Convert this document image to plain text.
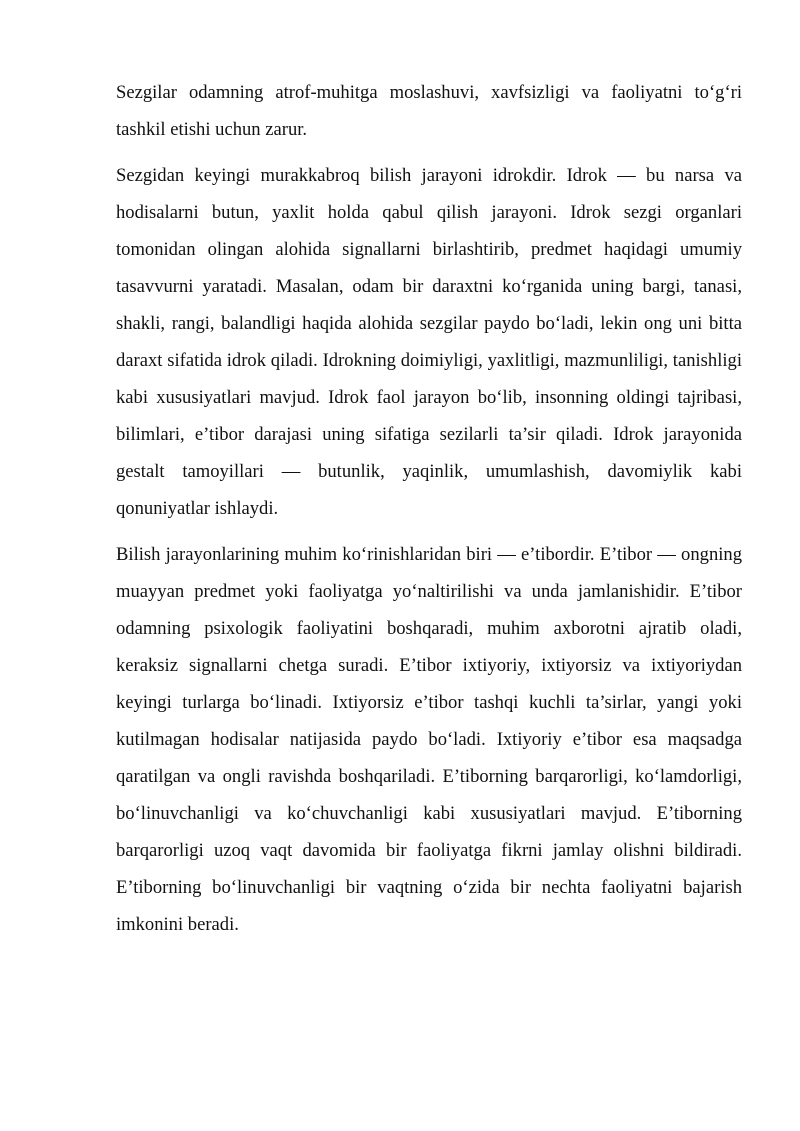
Sezgilar odamning atrof-muhitga moslashuvi, xavfsizligi va faoliyatni toʻgʻri tashkil etishi uchun zarur.

Sezgidan keyingi murakkabroq bilish jarayoni idrokdir. Idrok — bu narsa va hodisalarni butun, yaxlit holda qabul qilish jarayoni. Idrok sezgi organlari tomonidan olingan alohida signallarni birlashtirib, predmet haqidagi umumiy tasavvurni yaratadi. Masalan, odam bir daraxtni koʻrganida uning bargi, tanasi, shakli, rangi, balandligi haqida alohida sezgilar paydo boʻladi, lekin ong uni bitta daraxt sifatida idrok qiladi. Idrokning doimiyligi, yaxlitligi, mazmunliligi, tanishligi kabi xususiyatlari mavjud. Idrok faol jarayon boʻlib, insonning oldingi tajribasi, bilimlari, e’tibor darajasi uning sifatiga sezilarli ta’sir qiladi. Idrok jarayonida gestalt tamoyillari — butunlik, yaqinlik, umumlashish, davomiylik kabi qonuniyatlar ishlaydi.

Bilish jarayonlarining muhim koʻrinishlaridan biri — e’tibordir. E’tibor — ongning muayyan predmet yoki faoliyatga yoʻnaltirilishi va unda jamlanishidir. E’tibor odamning psixologik faoliyatini boshqaradi, muhim axborotni ajratib oladi, keraksiz signallarni chetga suradi. E’tibor ixtiyoriy, ixtiyorsiz va ixtiyoriydan keyingi turlarga boʻlinadi. Ixtiyorsiz e’tibor tashqi kuchli ta’sirlar, yangi yoki kutilmagan hodisalar natijasida paydo boʻladi. Ixtiyoriy e’tibor esa maqsadga qaratilgan va ongli ravishda boshqariladi. E’tiborning barqarorligi, koʻlamdorligi, boʻlinuvchanligi va koʻchuvchanligi kabi xususiyatlari mavjud. E’tiborning barqarorligi uzoq vaqt davomida bir faoliyatga fikrni jamlay olishni bildiradi. E’tiborning boʻlinuvchanligi bir vaqtning oʻzida bir nechta faoliyatni bajarish imkonini beradi.
